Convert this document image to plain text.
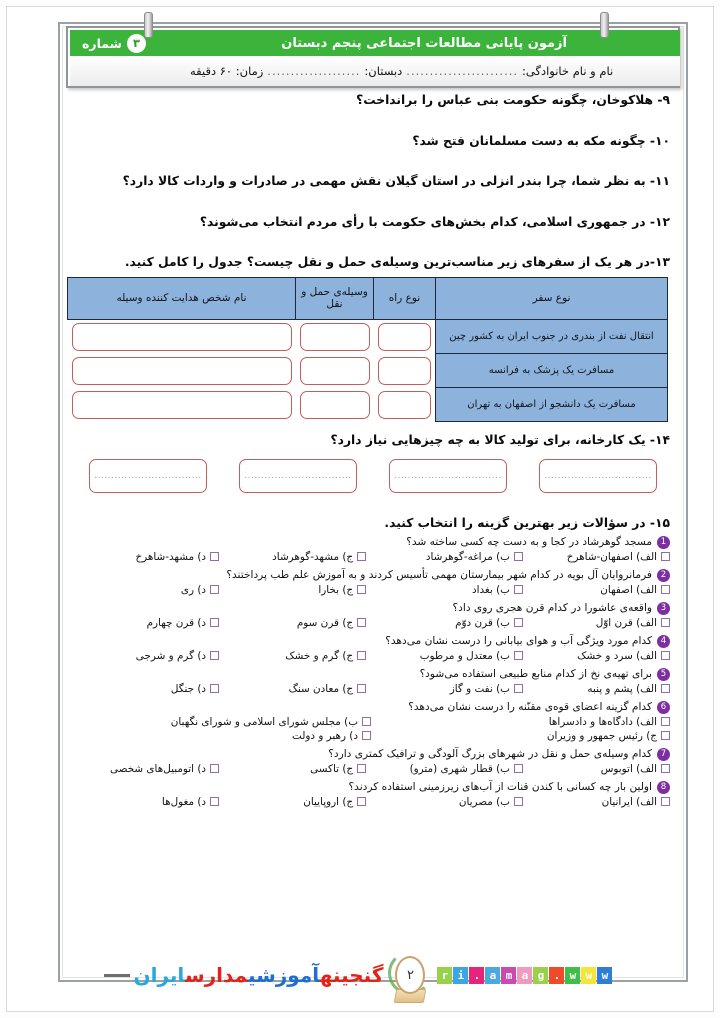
آزمون پایانی مطالعات اجتماعی پنجم دبستان
۳
شماره
نام و نام خانوادگی:
........................
دبستان:
....................
زمان: ۶۰ دقیقه

۹- هلاکوخان، چگونه حکومت بنی عباس را برانداخت؟

۱۰- چگونه مکه به دست مسلمانان فتح شد؟

۱۱- به نظر شما، چرا بندر انزلی در استان گیلان نقش مهمی در صادرات و واردات کالا دارد؟

۱۲- در جمهوری اسلامی، کدام بخش‌های حکومت با رأی مردم انتخاب می‌شوند؟

۱۳-در هر یک از سفرهای زیر مناسب‌ترین وسیله‌ی حمل و نقل چیست؟ جدول را کامل کنید.

نوع سفر	نوع راه	وسیله‌ی حمل و نقل	نام شخص هدایت کننده وسیله
انتقال نفت از بندری در جنوب ایران به کشور چین	

مسافرت یک پزشک به فرانسه	

مسافرت یک دانشجو از اصفهان به تهران	

۱۴- یک کارخانه، برای تولید کالا به چه چیزهایی نیاز دارد؟

................................	................................	................................	................................

۱۵- در سؤالات زیر بهترین گزینه را انتخاب کنید.

1
مسجد گوهرشاد در کجا و به دست چه کسی ساخته شد؟
الف) اصفهان-شاهرخ
ب) مراغه-گوهرشاد
ج) مشهد-گوهرشاد
د) مشهد-شاهرخ
2
فرمانروایان آل بویه در کدام شهر بیمارستان مهمی تأسیس کردند و به آموزش علم طب پرداختند؟
الف) اصفهان
ب) بغداد
ج) بخارا
د) ری
3
واقعه‌ی عاشورا در کدام قرن هجری روی داد؟
الف) قرن اوّل
ب) قرن دوّم
ج) قرن سوم
د) قرن چهارم
4
کدام مورد ویژگی آب و هوای بیابانی را درست نشان می‌دهد؟
الف) سرد و خشک
ب) معتدل و مرطوب
ج) گرم و خشک
د) گرم و شرجی
5
برای تهیه‌ی نخ از کدام منابع طبیعی استفاده می‌شود؟
الف) پشم و پنبه
ب) نفت و گاز
ج) معادن سنگ
د) جنگل
6
کدام گزینه اعضای قوه‌ی مقنّنه را درست نشان می‌دهد؟
الف) دادگاه‌ها و دادسراها
ب) مجلس شورای اسلامی و شورای نگهبان
ج) رئیس جمهور و وزیران
د) رهبر و دولت
7
کدام وسیله‌ی حمل و نقل در شهرهای بزرگ آلودگی و ترافیک کمتری دارد؟
الف) اتوبوس
ب) قطار شهری (مترو)
ج) تاکسی
د) اتومبیل‌های شخصی
8
اولین بار چه کسانی با کندن قنات از آب‌های زیرزمینی استفاده کردند؟
الف) ایرانیان
ب) مصریان
ج) اروپاییان
د) مغول‌ها
گنجینهآموزشیمدارسایران	۲	w
w
w
.
g
a
m
a
.
i
r
